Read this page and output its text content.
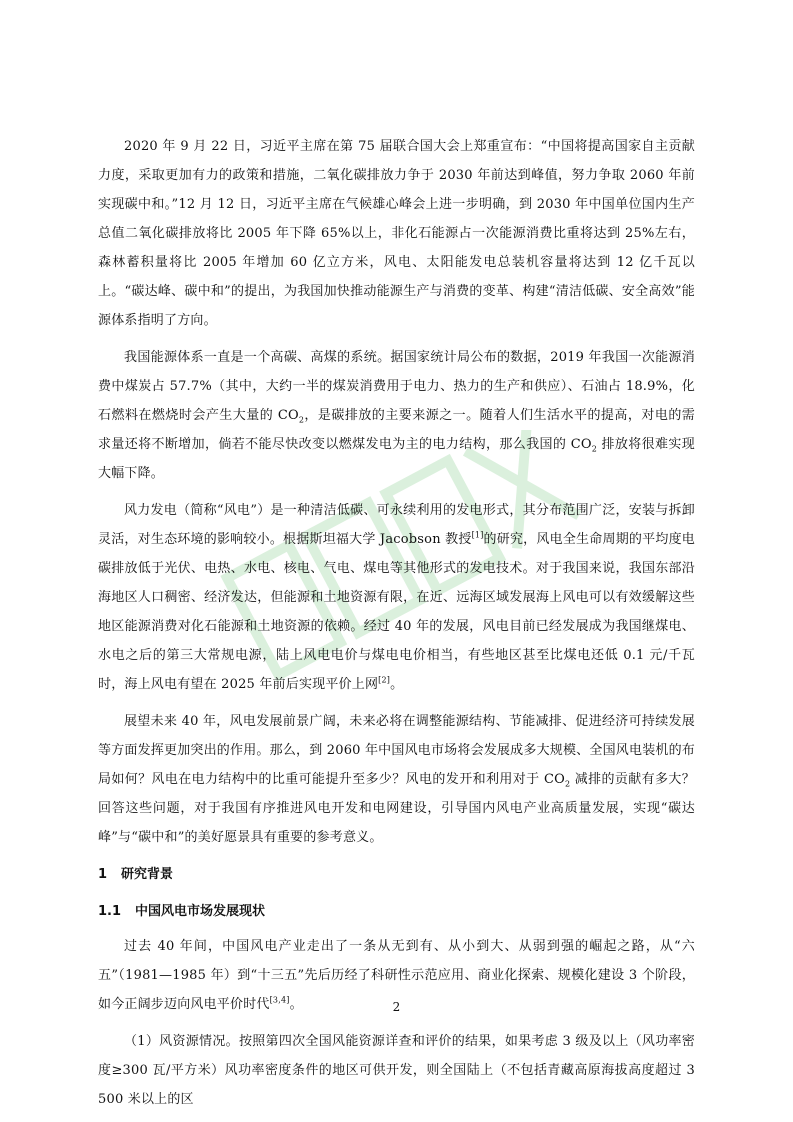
2020 年 9 月 22 日，习近平主席在第 75 届联合国大会上郑重宣布：“中国将提高国家自主贡献力度，采取更加有力的政策和措施，二氧化碳排放力争于 2030 年前达到峰值，努力争取 2060 年前实现碳中和。”12 月 12 日，习近平主席在气候雄心峰会上进一步明确，到 2030 年中国单位国内生产总值二氧化碳排放将比 2005 年下降 65%以上，非化石能源占一次能源消费比重将达到 25%左右，森林蓄积量将比 2005 年增加 60 亿立方米，风电、太阳能发电总装机容量将达到 12 亿千瓦以上。“碳达峰、碳中和”的提出，为我国加快推动能源生产与消费的变革、构建“清洁低碳、安全高效”能源体系指明了方向。

我国能源体系一直是一个高碳、高煤的系统。据国家统计局公布的数据，2019 年我国一次能源消费中煤炭占 57.7%（其中，大约一半的煤炭消费用于电力、热力的生产和供应）、石油占 18.9%，化石燃料在燃烧时会产生大量的 $CO_2$，是碳排放的主要来源之一。随着人们生活水平的提高，对电的需求量还将不断增加，倘若不能尽快改变以燃煤发电为主的电力结构，那么我国的 $CO_2$ 排放将很难实现大幅下降。

风力发电（简称“风电”）是一种清洁低碳、可永续利用的发电形式，其分布范围广泛，安装与拆卸灵活，对生态环境的影响较小。根据斯坦福大学 Jacobson 教授[1]的研究，风电全生命周期的平均度电碳排放低于光伏、电热、水电、核电、气电、煤电等其他形式的发电技术。对于我国来说，我国东部沿海地区人口稠密、经济发达，但能源和土地资源有限，在近、远海区域发展海上风电可以有效缓解这些地区能源消费对化石能源和土地资源的依赖。经过 40 年的发展，风电目前已经发展成为我国继煤电、水电之后的第三大常规电源，陆上风电电价与煤电电价相当，有些地区甚至比煤电还低 0.1 元/千瓦时，海上风电有望在 2025 年前后实现平价上网[2]。

展望未来 40 年，风电发展前景广阔，未来必将在调整能源结构、节能减排、促进经济可持续发展等方面发挥更加突出的作用。那么，到 2060 年中国风电市场将会发展成多大规模、全国风电装机的布局如何？风电在电力结构中的比重可能提升至多少？风电的发开和利用对于 $CO_2$ 减排的贡献有多大？回答这些问题，对于我国有序推进风电开发和电网建设，引导国内风电产业高质量发展，实现“碳达峰”与“碳中和”的美好愿景具有重要的参考意义。

1 研究背景
1.1 中国风电市场发展现状

过去 40 年间，中国风电产业走出了一条从无到有、从小到大、从弱到强的崛起之路，从“六五”（1981—1985 年）到“十三五”先后历经了科研性示范应用、商业化探索、规模化建设 3 个阶段，如今正阔步迈向风电平价时代[3,4]。

（1）风资源情况。按照第四次全国风能资源详查和评价的结果，如果考虑 3 级及以上（风功率密度≥300 瓦/平方米）风功率密度条件的地区可供开发，则全国陆上（不包括青藏高原海拔高度超过 3 500 米以上的区

2
